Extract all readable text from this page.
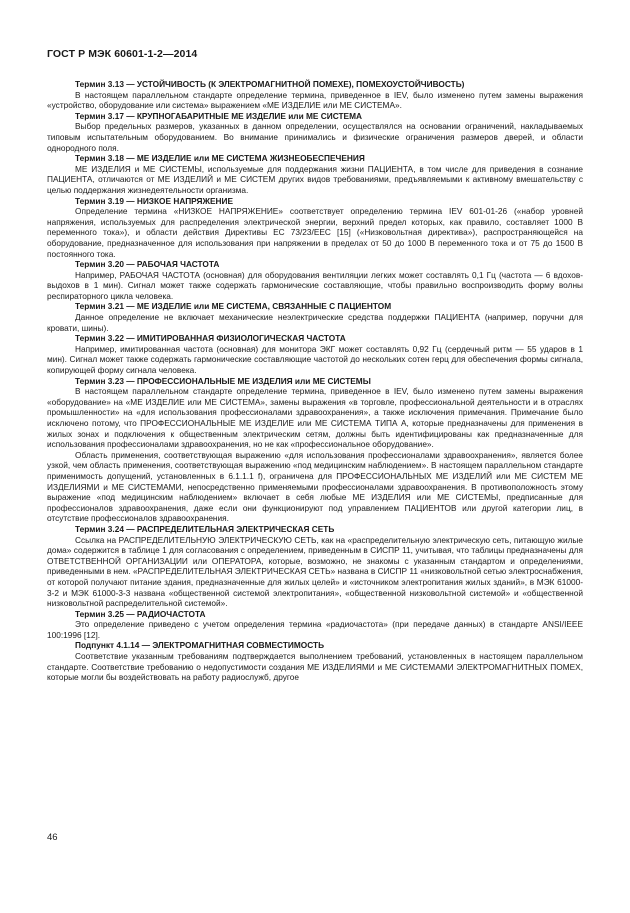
ГОСТ Р МЭК 60601-1-2—2014

Термин 3.13 — УСТОЙЧИВОСТЬ (К ЭЛЕКТРОМАГНИТНОЙ ПОМЕХЕ), ПОМЕХОУСТОЙЧИВОСТЬ)

В настоящем параллельном стандарте определение термина, приведенное в IEV, было изменено путем замены выражения «устройство, оборудование или система» выражением «МЕ ИЗДЕЛИЕ или МЕ СИСТЕМА».

Термин 3.17 — КРУПНОГАБАРИТНЫЕ МЕ ИЗДЕЛИЕ или МЕ СИСТЕМА

Выбор предельных размеров, указанных в данном определении, осуществлялся на основании ограничений, накладываемых типовым испытательным оборудованием. Во внимание принимались и физические ограничения размеров дверей, и области однородного поля.

Термин 3.18 — МЕ ИЗДЕЛИЕ или МЕ СИСТЕМА ЖИЗНЕОБЕСПЕЧЕНИЯ

МЕ ИЗДЕЛИЯ и МЕ СИСТЕМЫ, используемые для поддержания жизни ПАЦИЕНТА, в том числе для приведения в сознание ПАЦИЕНТА, отличаются от МЕ ИЗДЕЛИЙ и МЕ СИСТЕМ других видов требованиями, предъявляемыми к активному вмешательству с целью поддержания жизнедеятельности организма.

Термин 3.19 — НИЗКОЕ НАПРЯЖЕНИЕ

Определение термина «НИЗКОЕ НАПРЯЖЕНИЕ» соответствует определению термина IEV 601-01-26 («набор уровней напряжения, используемых для распределения электрической энергии, верхний предел которых, как правило, составляет 1000 В переменного тока»), и области действия Директивы ЕС 73/23/ЕЕС [15] («Низковольтная директива»), распространяющейся на оборудование, предназначенное для использования при напряжении в пределах от 50 до 1000 В переменного тока и от 75 до 1500 В постоянного тока.

Термин 3.20 — РАБОЧАЯ ЧАСТОТА

Например, РАБОЧАЯ ЧАСТОТА (основная) для оборудования вентиляции легких может составлять 0,1 Гц (частота — 6 вдохов-выдохов в 1 мин). Сигнал может также содержать гармонические составляющие, чтобы правильно воспроизводить форму волны респираторного цикла человека.

Термин 3.21 — МЕ ИЗДЕЛИЕ или МЕ СИСТЕМА, СВЯЗАННЫЕ С ПАЦИЕНТОМ

Данное определение не включает механические неэлектрические средства поддержки ПАЦИЕНТА (например, поручни для кровати, шины).

Термин 3.22 — ИМИТИРОВАННАЯ ФИЗИОЛОГИЧЕСКАЯ ЧАСТОТА

Например, имитированная частота (основная) для монитора ЭКГ может составлять 0,92 Гц (сердечный ритм — 55 ударов в 1 мин). Сигнал может также содержать гармонические составляющие частотой до нескольких сотен герц для обеспечения формы сигнала, копирующей форму сигнала человека.

Термин 3.23 — ПРОФЕССИОНАЛЬНЫЕ МЕ ИЗДЕЛИЯ или МЕ СИСТЕМЫ

В настоящем параллельном стандарте определение термина, приведенное в IEV, было изменено путем замены выражения «оборудование» на «МЕ ИЗДЕЛИЕ или МЕ СИСТЕМА», замены выражения «в торговле, профессиональной деятельности и в отраслях промышленности» на «для использования профессионалами здравоохранения», а также исключения примечания. Примечание было исключено потому, что ПРОФЕССИОНАЛЬНЫЕ МЕ ИЗДЕЛИЕ или МЕ СИСТЕМА ТИПА А, которые предназначены для применения в жилых зонах и подключения к общественным электрическим сетям, должны быть идентифицированы как предназначенные для использования профессионалами здравоохранения, но не как «профессиональное оборудование».

Область применения, соответствующая выражению «для использования профессионалами здравоохранения», является более узкой, чем область применения, соответствующая выражению «под медицинским наблюдением». В настоящем параллельном стандарте применимость допущений, установленных в 6.1.1.1 f), ограничена для ПРОФЕССИОНАЛЬНЫХ МЕ ИЗДЕЛИЙ или МЕ СИСТЕМ МЕ ИЗДЕЛИЯМИ и МЕ СИСТЕМАМИ, непосредственно применяемыми профессионалами здравоохранения. В противоположность этому выражение «под медицинским наблюдением» включает в себя любые МЕ ИЗДЕЛИЯ или МЕ СИСТЕМЫ, предписанные для профессионалов здравоохранения, даже если они функционируют под управлением ПАЦИЕНТОВ или другой категории лиц, в отсутствие профессионалов здравоохранения.

Термин 3.24 — РАСПРЕДЕЛИТЕЛЬНАЯ ЭЛЕКТРИЧЕСКАЯ СЕТЬ

Ссылка на РАСПРЕДЕЛИТЕЛЬНУЮ ЭЛЕКТРИЧЕСКУЮ СЕТЬ, как на «распределительную электрическую сеть, питающую жилые дома» содержится в таблице 1 для согласования с определением, приведенным в СИСПР 11, учитывая, что таблицы предназначены для ОТВЕТСТВЕННОЙ ОРГАНИЗАЦИИ или ОПЕРАТОРА, которые, возможно, не знакомы с указанным стандартом и определениями, приведенными в нем. «РАСПРЕДЕЛИТЕЛЬНАЯ ЭЛЕКТРИЧЕСКАЯ СЕТЬ» названа в СИСПР 11 «низковольтной сетью электроснабжения, от которой получают питание здания, предназначенные для жилых целей» и «источником электропитания жилых зданий», в МЭК 61000-3-2 и МЭК 61000-3-3 названа «общественной системой электропитания», «общественной низковольтной системой» и «общественной низковольтной распределительной системой».

Термин 3.25 — РАДИОЧАСТОТА

Это определение приведено с учетом определения термина «радиочастота» (при передаче данных) в стандарте ANSI/IEEE 100:1996 [12].

Подпункт 4.1.14 — ЭЛЕКТРОМАГНИТНАЯ СОВМЕСТИМОСТЬ

Соответствие указанным требованиям подтверждается выполнением требований, установленных в настоящем параллельном стандарте. Соответствие требованию о недопустимости создания МЕ ИЗДЕЛИЯМИ и МЕ СИСТЕМАМИ ЭЛЕКТРОМАГНИТНЫХ ПОМЕХ, которые могли бы воздействовать на работу радиослужб, другое

46
